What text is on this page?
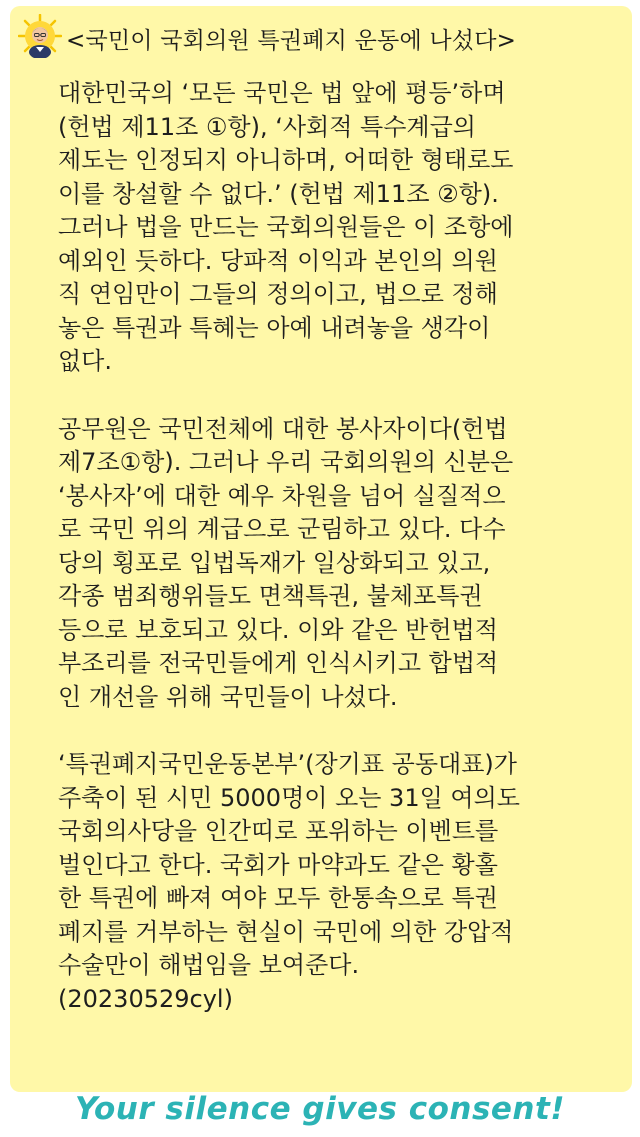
<국민이 국회의원 특권폐지 운동에 나섰다>

대한민국의 ‘모든 국민은 법 앞에 평등’하며
(헌법 제11조 ①항), ‘사회적 특수계급의
제도는 인정되지 아니하며, 어떠한 형태로도
이를 창설할 수 없다.’ (헌법 제11조 ②항).
그러나 법을 만드는 국회의원들은 이 조항에
예외인 듯하다. 당파적 이익과 본인의 의원
직 연임만이 그들의 정의이고, 법으로 정해
놓은 특권과 특혜는 아예 내려놓을 생각이
없다.

공무원은 국민전체에 대한 봉사자이다(헌법
제7조①항). 그러나 우리 국회의원의 신분은
‘봉사자’에 대한 예우 차원을 넘어 실질적으
로 국민 위의 계급으로 군림하고 있다. 다수
당의 횡포로 입법독재가 일상화되고 있고,
각종 범죄행위들도 면책특권, 불체포특권
등으로 보호되고 있다. 이와 같은 반헌법적
부조리를 전국민들에게 인식시키고 합법적
인 개선을 위해 국민들이 나섰다.

‘특권폐지국민운동본부’(장기표 공동대표)가
주축이 된 시민 5000명이 오는 31일 여의도
국회의사당을 인간띠로 포위하는 이벤트를
벌인다고 한다. 국회가 마약과도 같은 황홀
한 특권에 빠져 여야 모두 한통속으로 특권
폐지를 거부하는 현실이 국민에 의한 강압적
수술만이 해법임을 보여준다.
(20230529cyl)

Your silence gives consent!
